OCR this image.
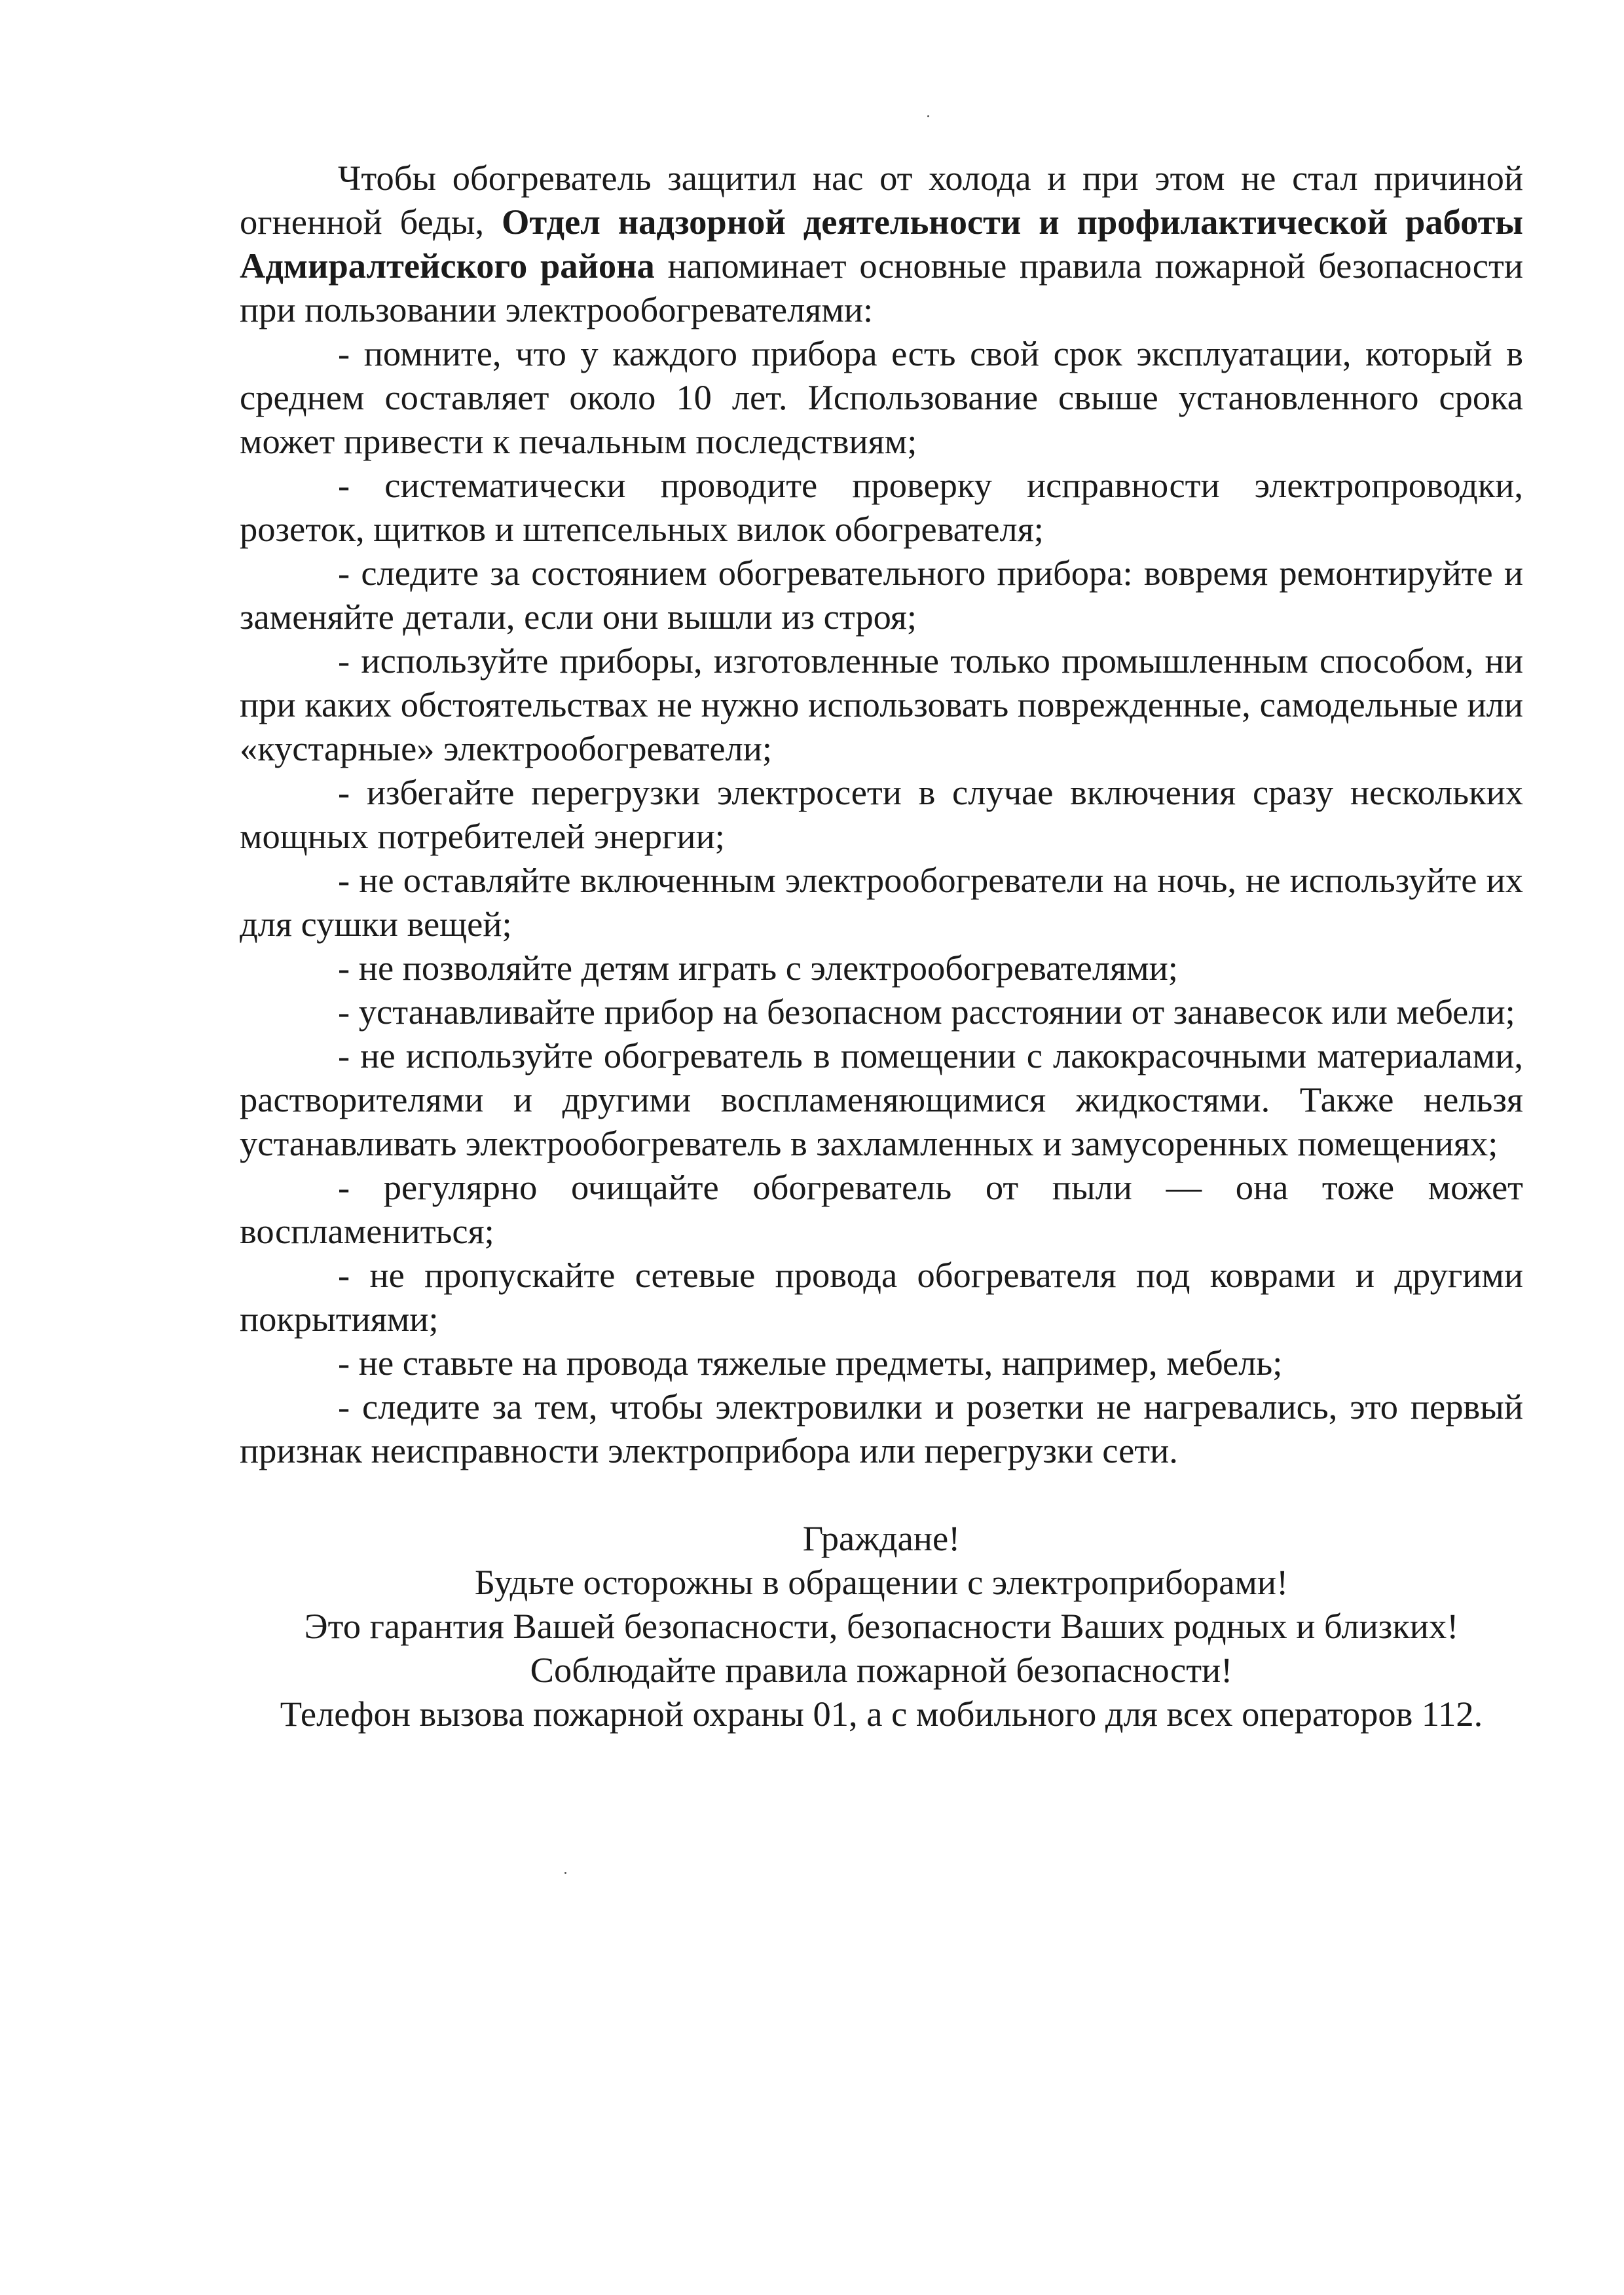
Чтобы обогреватель защитил нас от холода и при этом не стал причиной огненной беды, Отдел надзорной деятельности и профилактической работы Адмиралтейского района напоминает основные правила пожарной безопасности при пользовании электрообогревателями:

- помните, что у каждого прибора есть свой срок эксплуатации, который в среднем составляет около 10 лет. Использование свыше установленного срока может привести к печальным последствиям;

- систематически проводите проверку исправности электропроводки, розеток, щитков и штепсельных вилок обогревателя;

- следите за состоянием обогревательного прибора: вовремя ремонтируйте и заменяйте детали, если они вышли из строя;

- используйте приборы, изготовленные только промышленным способом, ни при каких обстоятельствах не нужно использовать поврежденные, самодельные или «кустарные» электрообогреватели;

- избегайте перегрузки электросети в случае включения сразу нескольких мощных потребителей энергии;

- не оставляйте включенным электрообогреватели на ночь, не используйте их для сушки вещей;

- не позволяйте детям играть с электрообогревателями;

- устанавливайте прибор на безопасном расстоянии от занавесок или мебели;

- не используйте обогреватель в помещении с лакокрасочными материалами, растворителями и другими воспламеняющимися жидкостями. Также нельзя устанавливать электрообогреватель в захламленных и замусоренных помещениях;

- регулярно очищайте обогреватель от пыли — она тоже может воспламениться;

- не пропускайте сетевые провода обогревателя под коврами и другими покрытиями;

- не ставьте на провода тяжелые предметы, например, мебель;

- следите за тем, чтобы электровилки и розетки не нагревались, это первый признак неисправности электроприбора или перегрузки сети.

Граждане!

Будьте осторожны в обращении с электроприборами!

Это гарантия Вашей безопасности, безопасности Ваших родных и близких!

Соблюдайте правила пожарной безопасности!

Телефон вызова пожарной охраны 01, а с мобильного для всех операторов 112.
